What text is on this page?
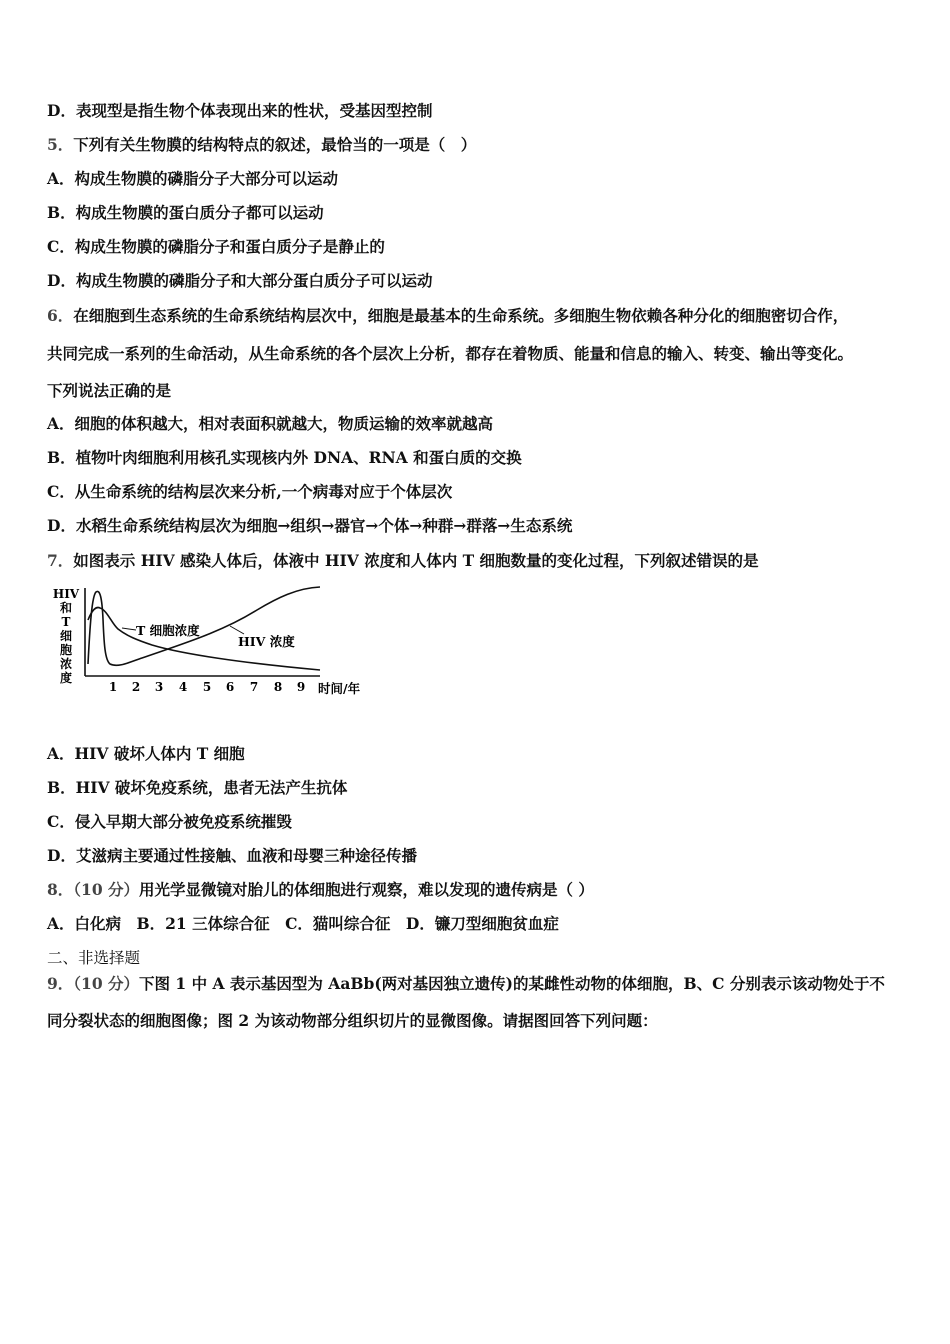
D．表现型是指生物个体表现出来的性状，受基因型控制
5．下列有关生物膜的结构特点的叙述，最恰当的一项是（　）
A．构成生物膜的磷脂分子大部分可以运动
B．构成生物膜的蛋白质分子都可以运动
C．构成生物膜的磷脂分子和蛋白质分子是静止的
D．构成生物膜的磷脂分子和大部分蛋白质分子可以运动
6．在细胞到生态系统的生命系统结构层次中，细胞是最基本的生命系统。多细胞生物依赖各种分化的细胞密切合作，
共同完成一系列的生命活动，从生命系统的各个层次上分析，都存在着物质、能量和信息的输入、转变、输出等变化。
下列说法正确的是
A．细胞的体积越大，相对表面积就越大，物质运输的效率就越高
B．植物叶肉细胞利用核孔实现核内外 DNA、RNA 和蛋白质的交换
C．从生命系统的结构层次来分析,一个病毒对应于个体层次
D．水稻生命系统结构层次为细胞→组织→器官→个体→种群→群落→生态系统
7．如图表示 HIV 感染人体后，体液中 HIV 浓度和人体内 T 细胞数量的变化过程，下列叙述错误的是
HIV
和
T
细
胞
浓
度
T 细胞浓度
HIV 浓度
1 2 3 4 5 6 7 8 9 时间/年
A．HIV 破坏人体内 T 细胞
B．HIV 破坏免疫系统，患者无法产生抗体
C．侵入早期大部分被免疫系统摧毁
D．艾滋病主要通过性接触、血液和母婴三种途径传播
8．（10 分）用光学显微镜对胎儿的体细胞进行观察，难以发现的遗传病是（ ）
A．白化病　B．21 三体综合征　C．猫叫综合征　D．镰刀型细胞贫血症
二、非选择题
9．（10 分）下图 1 中 A 表示基因型为 AaBb(两对基因独立遗传)的某雌性动物的体细胞，B、C 分别表示该动物处于不
同分裂状态的细胞图像；图 2 为该动物部分组织切片的显微图像。请据图回答下列问题：
